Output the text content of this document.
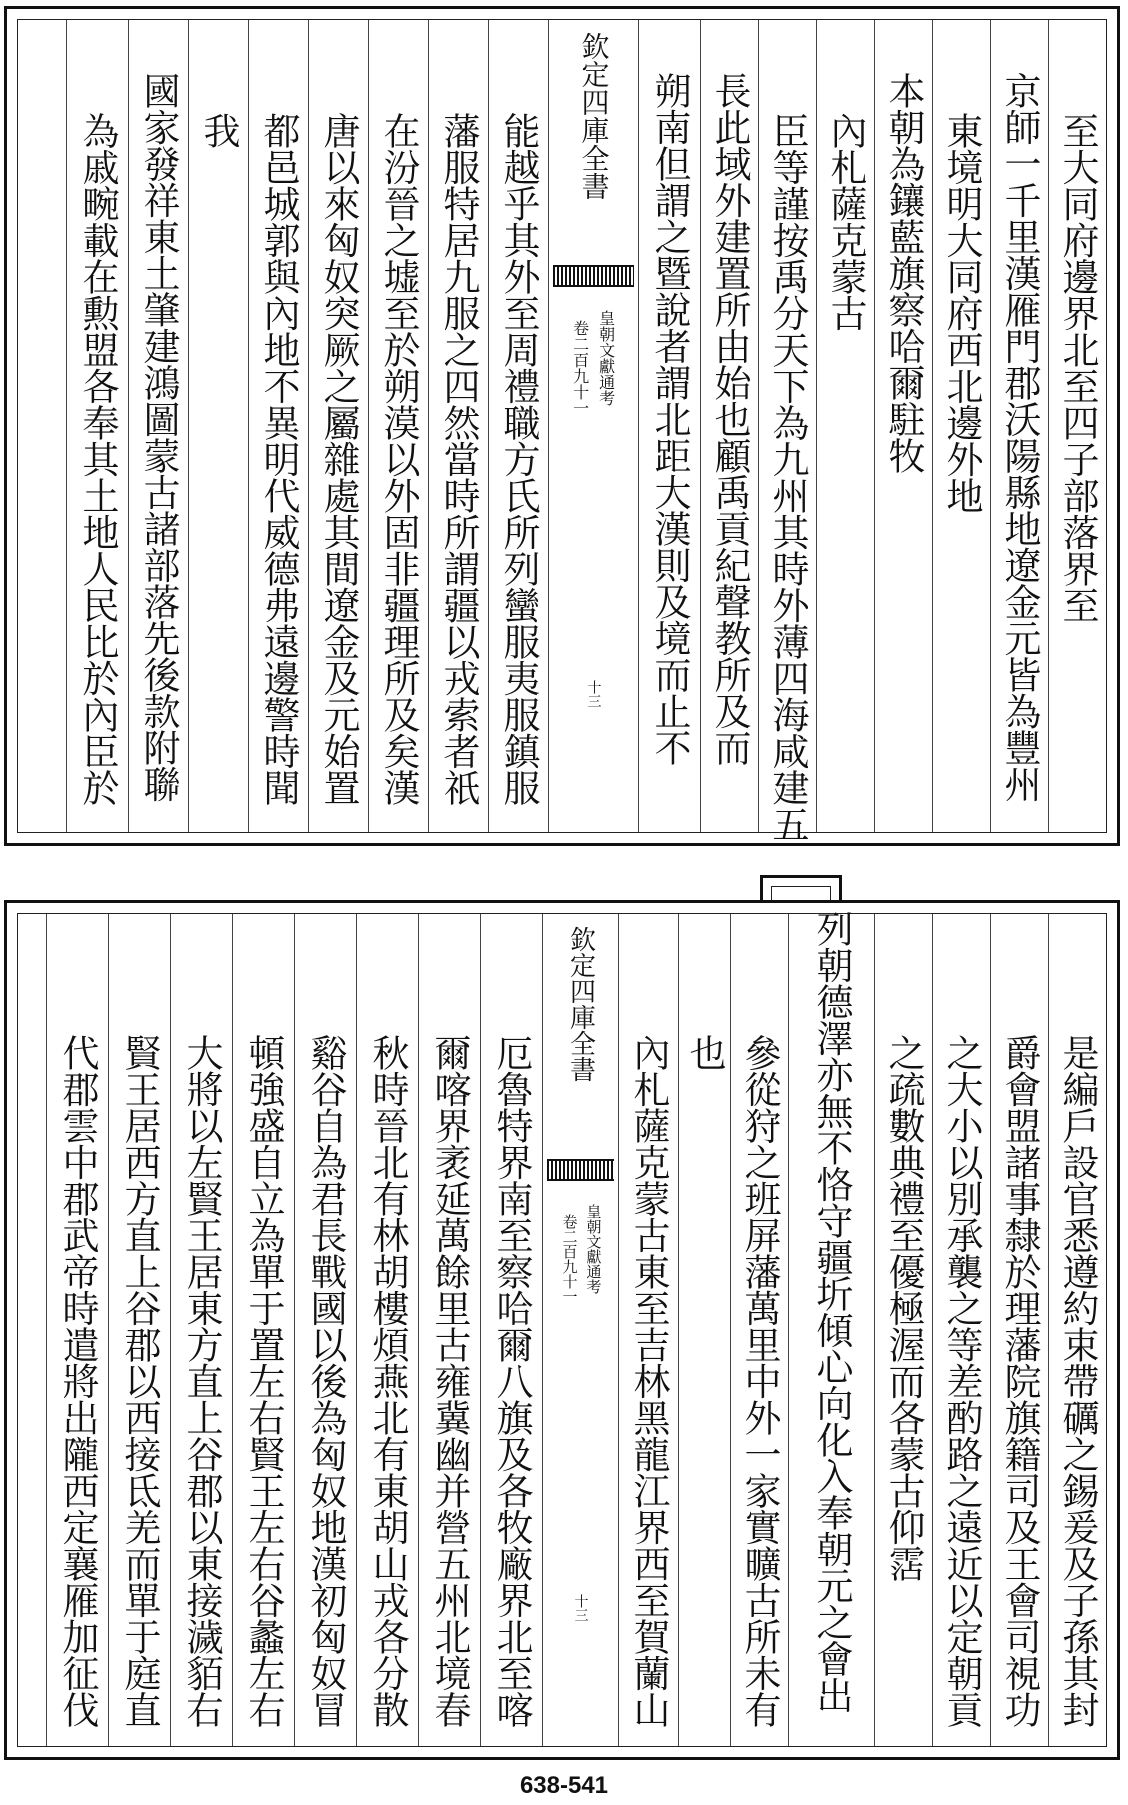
至大同府邊界北至四子部落界至
京師一千里漢雁門郡沃陽縣地遼金元皆為豐州
東境明大同府西北邊外地
本朝為鑲藍旗察哈爾駐牧
內札薩克蒙古
臣等謹按禹分天下為九州其時外薄四海咸建五
長此域外建置所由始也顧禹貢紀聲教所及而
朔南但謂之暨說者謂北距大漢則及境而止不
欽定四庫全書
皇朝文獻通考
卷二百九十一
十三
能越乎其外至周禮職方氏所列蠻服夷服鎮服
藩服特居九服之四然當時所謂疆以戎索者祇
在汾晉之墟至於朔漠以外固非疆理所及矣漢
唐以來匈奴突厥之屬雜處其間遼金及元始置
都邑城郭與內地不異明代威德弗遠邊警時聞
我
國家發祥東土肇建鴻圖蒙古諸部落先後款附聯
為戚畹載在勲盟各奉其土地人民比於內臣於
是編戶設官悉遵約束帶礪之錫爰及子孫其封
爵會盟諸事隸於理藩院旗籍司及王會司視功
之大小以別承襲之等差酌路之遠近以定朝貢
之疏數典禮至優極渥而各蒙古仰霑
列朝德澤亦無不恪守疆圻傾心向化入奉朝元之會出
參從狩之班屏藩萬里中外一家實曠古所未有
也
內札薩克蒙古東至吉林黑龍江界西至賀蘭山
欽定四庫全書
皇朝文獻通考
卷二百九十一
十三
厄魯特界南至察哈爾八旗及各牧廠界北至喀
爾喀界袤延萬餘里古雍冀幽并營五州北境春
秋時晉北有林胡樓煩燕北有東胡山戎各分散
谿谷自為君長戰國以後為匈奴地漢初匈奴冒
頓強盛自立為單于置左右賢王左右谷蠡左右
大將以左賢王居東方直上谷郡以東接濊貊右
賢王居西方直上谷郡以西接氐羌而單于庭直
代郡雲中郡武帝時遣將出隴西定襄雁加征伐
638-541
